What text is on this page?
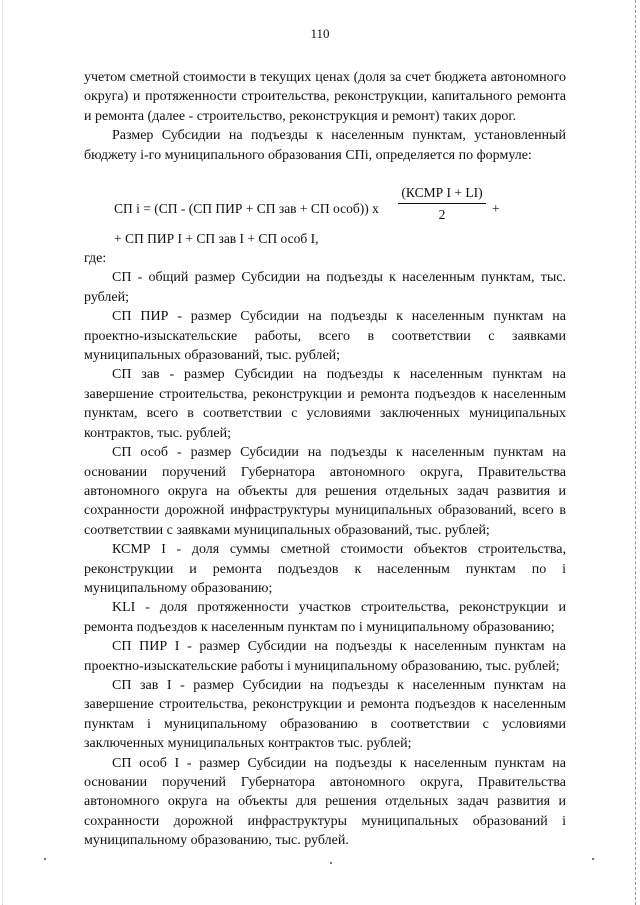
110

учетом сметной стоимости в текущих ценах (доля за счет бюджета автономного округа) и протяженности строительства, реконструкции, капитального ремонта и ремонта (далее - строительство, реконструкция и ремонт) таких дорог.

Размер Субсидии на подъезды к населенным пунктам, установленный бюджету i-го муниципального образования СПi, определяется по формуле:

СП i = (СП - (СП ПИР + СП зав + СП особ)) x
(КСМР I + LI)
2	+
+ СП ПИР I + СП зав I + СП особ I,

где:

СП - общий размер Субсидии на подъезды к населенным пунктам, тыс. рублей;

СП ПИР - размер Субсидии на подъезды к населенным пунктам на проектно-изыскательские работы, всего в соответствии с заявками муниципальных образований, тыс. рублей;

СП зав - размер Субсидии на подъезды к населенным пунктам на завершение строительства, реконструкции и ремонта подъездов к населенным пунктам, всего в соответствии с условиями заключенных муниципальных контрактов, тыс. рублей;

СП особ - размер Субсидии на подъезды к населенным пунктам на основании поручений Губернатора автономного округа, Правительства автономного округа на объекты для решения отдельных задач развития и сохранности дорожной инфраструктуры муниципальных образований, всего в соответствии с заявками муниципальных образований, тыс. рублей;

КСМР I - доля суммы сметной стоимости объектов строительства, реконструкции и ремонта подъездов к населенным пунктам по i муниципальному образованию;

KLI - доля протяженности участков строительства, реконструкции и ремонта подъездов к населенным пунктам по i муниципальному образованию;

СП ПИР I - размер Субсидии на подъезды к населенным пунктам на проектно-изыскательские работы i муниципальному образованию, тыс. рублей;

СП зав I - размер Субсидии на подъезды к населенным пунктам на завершение строительства, реконструкции и ремонта подъездов к населенным пунктам i муниципальному образованию в соответствии с условиями заключенных муниципальных контрактов тыс. рублей;

СП особ I - размер Субсидии на подъезды к населенным пунктам на основании поручений Губернатора автономного округа, Правительства автономного округа на объекты для решения отдельных задач развития и сохранности дорожной инфраструктуры муниципальных образований i муниципальному образованию, тыс. рублей.
